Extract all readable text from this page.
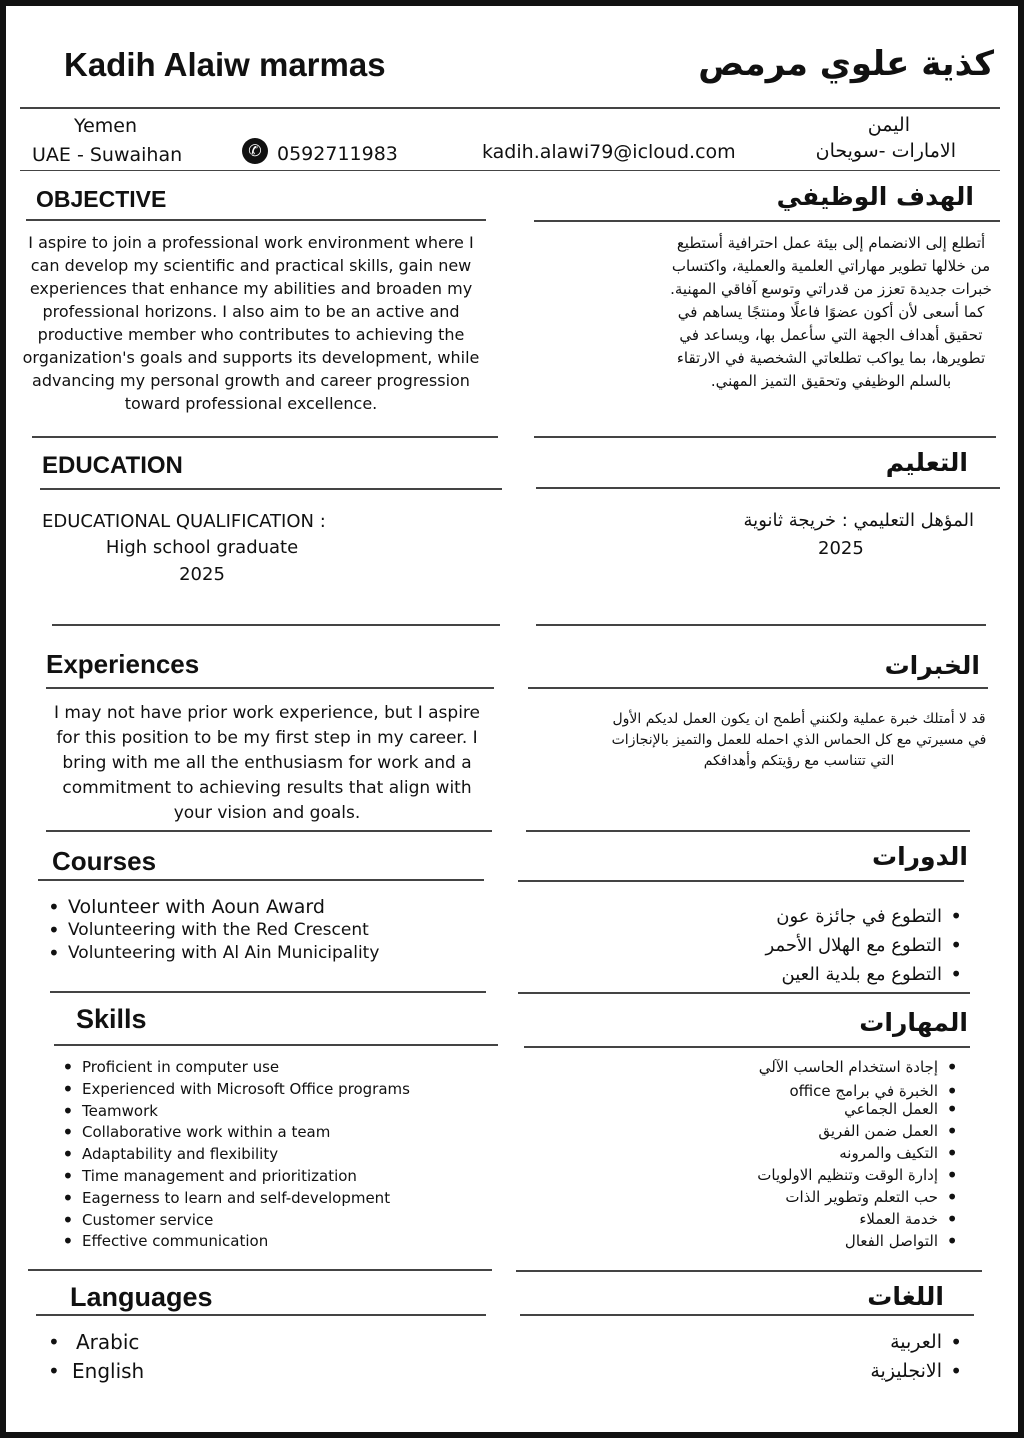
Kadih Alaiw marmas	كذية علوي مرمص
Yemen
UAE - Suwaihan	✆ 0592711983	kadih.alawi79@icloud.com
اليمن
الامارات -سويحان
OBJECTIVE
I aspire to join a professional work environment where I can develop my scientific and practical skills, gain new experiences that enhance my abilities and broaden my professional horizons. I also aim to be an active and productive member who contributes to achieving the organization's goals and supports its development, while advancing my personal growth and career progression toward professional excellence.
الهدف الوظيفي
أتطلع إلى الانضمام إلى بيئة عمل احترافية أستطيع من خلالها تطوير مهاراتي العلمية والعملية، واكتساب خبرات جديدة تعزز من قدراتي وتوسع آفاقي المهنية. كما أسعى لأن أكون عضوًا فاعلًا ومنتجًا يساهم في تحقيق أهداف الجهة التي سأعمل بها، ويساعد في تطويرها، بما يواكب تطلعاتي الشخصية في الارتقاء بالسلم الوظيفي وتحقيق التميز المهني.
EDUCATION
EDUCATIONAL QUALIFICATION :
High school graduate
2025
التعليم
المؤهل التعليمي : خريجة ثانوية
2025
Experiences
I may not have prior work experience, but I aspire for this position to be my first step in my career. I bring with me all the enthusiasm for work and a commitment to achieving results that align with your vision and goals.
الخبرات
قد لا أمتلك خبرة عملية ولكنني أطمح ان يكون العمل لديكم الأول في مسيرتي مع كل الحماس الذي احمله للعمل والتميز بالإنجازات التي تتناسب مع رؤيتكم وأهدافكم
Courses
• Volunteer with Aoun Award
• Volunteering with the Red Crescent
• Volunteering with Al Ain Municipality
الدورات
• التطوع في جائزة عون
• التطوع مع الهلال الأحمر
• التطوع مع بلدية العين
Skills
• Proficient in computer use
• Experienced with Microsoft Office programs
• Teamwork
• Collaborative work within a team
• Adaptability and flexibility
• Time management and prioritization
• Eagerness to learn and self-development
• Customer service
• Effective communication
المهارات
• إجادة استخدام الحاسب الآلي
• الخبرة في برامج office
• العمل الجماعي
• العمل ضمن الفريق
• التكيف والمرونه
• إدارة الوقت وتنظيم الاولويات
• حب التعلم وتطوير الذات
• خدمة العملاء
• التواصل الفعال
Languages
• Arabic
• English
اللغات
• العربية
• الانجليزية
